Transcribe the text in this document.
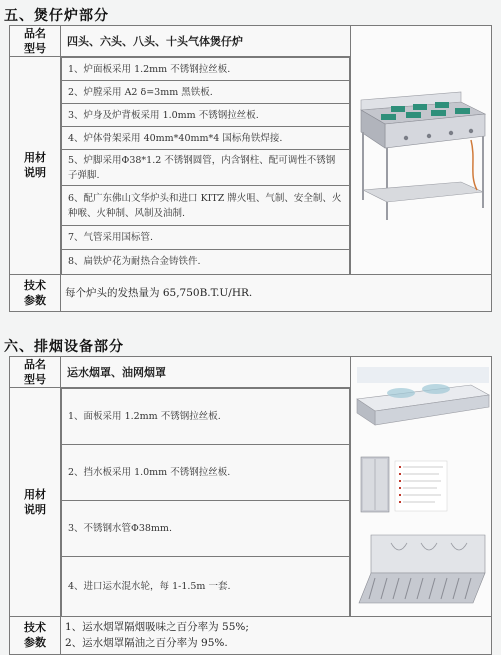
五、煲仔炉部分
品名
型号
	四头、六头、八头、十头气体煲仔炉	

用材
说明

1、炉面板采用 1.2mm 不锈钢拉丝板.
2、炉膛采用 A2 δ=3mm 黑铁板.
3、炉身及炉背板采用 1.0mm 不锈钢拉丝板.
4、炉体骨架采用 40mm*40mm*4 国标角铁焊接.
5、炉脚采用Φ38*1.2 不锈钢圆管，内含钢柱、配可调性不锈钢子弹脚.
6、配广东佛山文华炉头和进口 KITZ 牌火咀、气制、安全制、火种喉、火种制、风制及油制.
7、气管采用国标管.
8、扁铁炉花为耐热合金铸铁件.

技术
参数
	每个炉头的发热量为 65,750B.T.U/HR.
六、排烟设备部分
品名
型号
	运水烟罩、油网烟罩	

用材
说明

1、面板采用 1.2mm 不锈钢拉丝板.
2、挡水板采用 1.0mm 不锈钢拉丝板.
3、不锈钢水管Φ38mm.
4、进口运水混水轮，每 1-1.5m 一套.

技术
参数

1、运水烟罩隔烟吸味之百分率为 55%;
2、运水烟罩隔油之百分率为 95%.
